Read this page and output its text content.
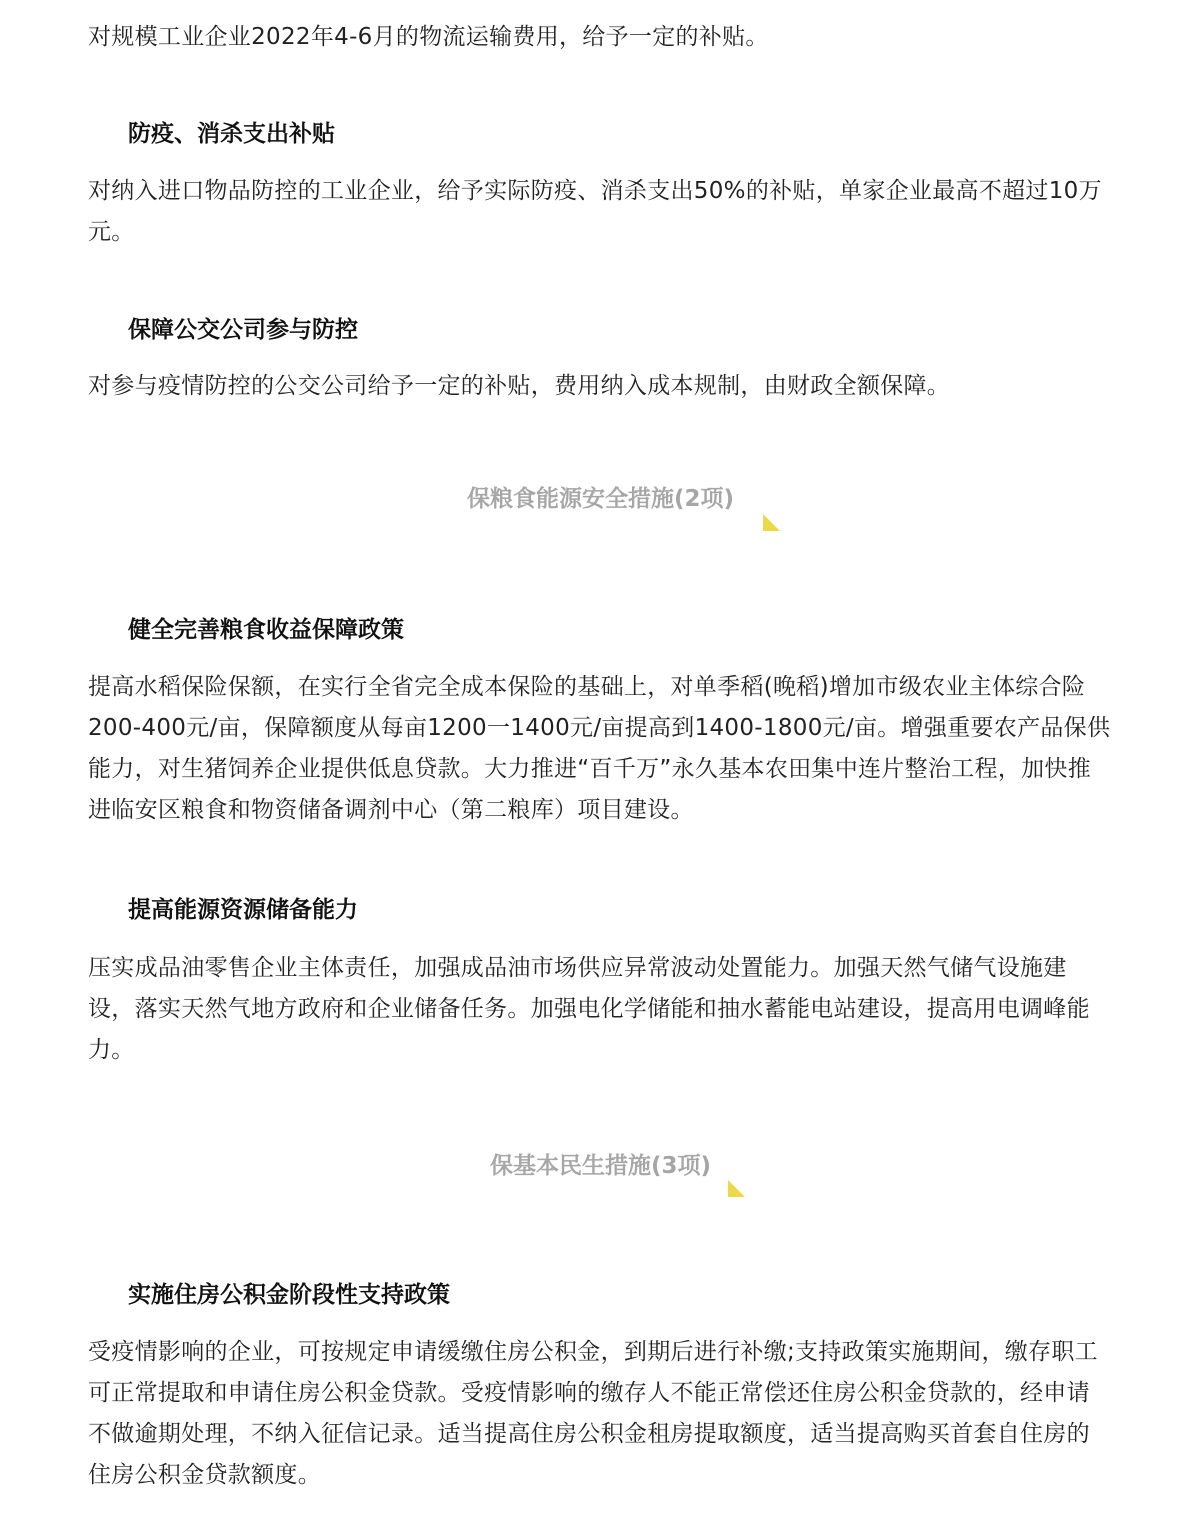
对规模工业企业2022年4-6月的物流运输费用，给予一定的补贴。

防疫、消杀支出补贴

对纳入进口物品防控的工业企业，给予实际防疫、消杀支出50%的补贴，单家企业最高不超过10万元。

保障公交公司参与防控

对参与疫情防控的公交公司给予一定的补贴，费用纳入成本规制，由财政全额保障。

保粮食能源安全措施(2项)
健全完善粮食收益保障政策

提高水稻保险保额，在实行全省完全成本保险的基础上，对单季稻(晚稻)增加市级农业主体综合险200-400元/亩，保障额度从每亩1200一1400元/亩提高到1400-1800元/亩。增强重要农产品保供能力，对生猪饲养企业提供低息贷款。大力推进“百千万”永久基本农田集中连片整治工程，加快推进临安区粮食和物资储备调剂中心（第二粮库）项目建设。

提高能源资源储备能力

压实成品油零售企业主体责任，加强成品油市场供应异常波动处置能力。加强天然气储气设施建设，落实天然气地方政府和企业储备任务。加强电化学储能和抽水蓄能电站建设，提高用电调峰能力。

保基本民生措施(3项)
实施住房公积金阶段性支持政策

受疫情影响的企业，可按规定申请缓缴住房公积金，到期后进行补缴;支持政策实施期间，缴存职工可正常提取和申请住房公积金贷款。受疫情影响的缴存人不能正常偿还住房公积金贷款的，经申请不做逾期处理，不纳入征信记录。适当提高住房公积金租房提取额度，适当提高购买首套自住房的住房公积金贷款额度。
